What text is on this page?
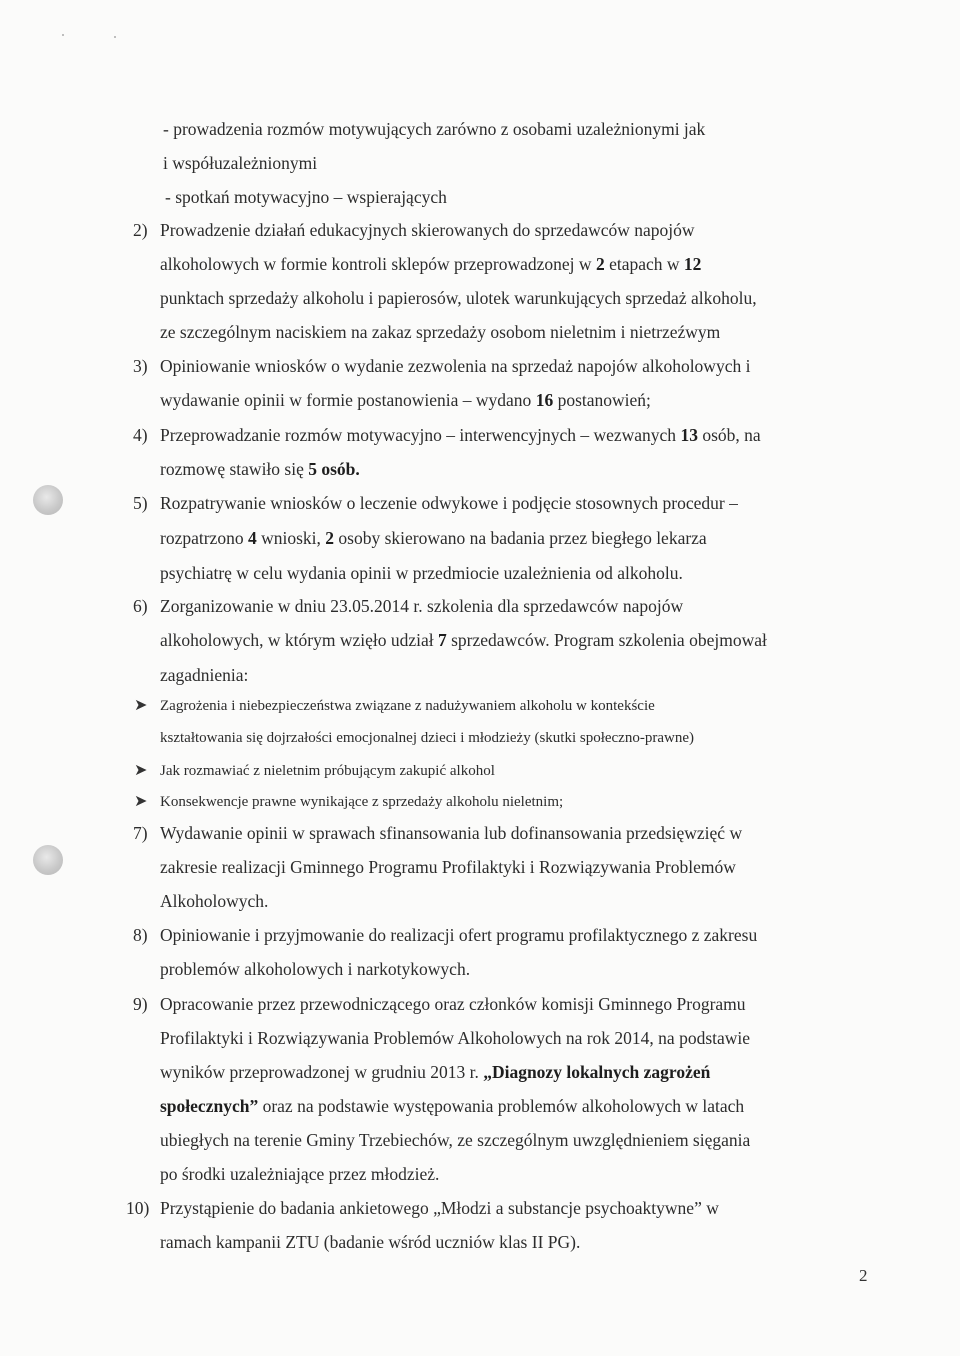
- prowadzenia rozmów motywujących zarówno z osobami uzależnionymi jak
i współuzależnionymi
- spotkań motywacyjno – wspierających
2) Prowadzenie działań edukacyjnych skierowanych do sprzedawców napojów
alkoholowych w formie kontroli sklepów przeprowadzonej w 2 etapach w 12
punktach sprzedaży alkoholu i papierosów, ulotek warunkujących sprzedaż alkoholu,
ze szczególnym naciskiem na zakaz sprzedaży osobom nieletnim i nietrzeźwym
3) Opiniowanie wniosków o wydanie zezwolenia na sprzedaż napojów alkoholowych i
wydawanie opinii w formie postanowienia – wydano 16 postanowień;
4) Przeprowadzanie rozmów motywacyjno – interwencyjnych – wezwanych 13 osób, na
rozmowę stawiło się 5 osób.
5) Rozpatrywanie wniosków o leczenie odwykowe i podjęcie stosownych procedur –
rozpatrzono 4 wnioski, 2 osoby skierowano na badania przez biegłego lekarza
psychiatrę w celu wydania opinii w przedmiocie uzależnienia od alkoholu.
6) Zorganizowanie w dniu 23.05.2014 r. szkolenia dla sprzedawców napojów
alkoholowych, w którym wzięło udział 7 sprzedawców. Program szkolenia obejmował
zagadnienia:
➤ Zagrożenia i niebezpieczeństwa związane z nadużywaniem alkoholu w kontekście
kształtowania się dojrzałości emocjonalnej dzieci i młodzieży (skutki społeczno-prawne)
➤ Jak rozmawiać z nieletnim próbującym zakupić alkohol
➤ Konsekwencje prawne wynikające z sprzedaży alkoholu nieletnim;
7) Wydawanie opinii w sprawach sfinansowania lub dofinansowania przedsięwzięć w
zakresie realizacji Gminnego Programu Profilaktyki i Rozwiązywania Problemów
Alkoholowych.
8) Opiniowanie i przyjmowanie do realizacji ofert programu profilaktycznego z zakresu
problemów alkoholowych i narkotykowych.
9) Opracowanie przez przewodniczącego oraz członków komisji Gminnego Programu
Profilaktyki i Rozwiązywania Problemów Alkoholowych na rok 2014, na podstawie
wyników przeprowadzonej w grudniu 2013 r. „Diagnozy lokalnych zagrożeń
społecznych” oraz na podstawie występowania problemów alkoholowych w latach
ubiegłych na terenie Gminy Trzebiechów, ze szczególnym uwzględnieniem sięgania
po środki uzależniające przez młodzież.
10) Przystąpienie do badania ankietowego „Młodzi a substancje psychoaktywne” w
ramach kampanii ZTU (badanie wśród uczniów klas II PG).
2
